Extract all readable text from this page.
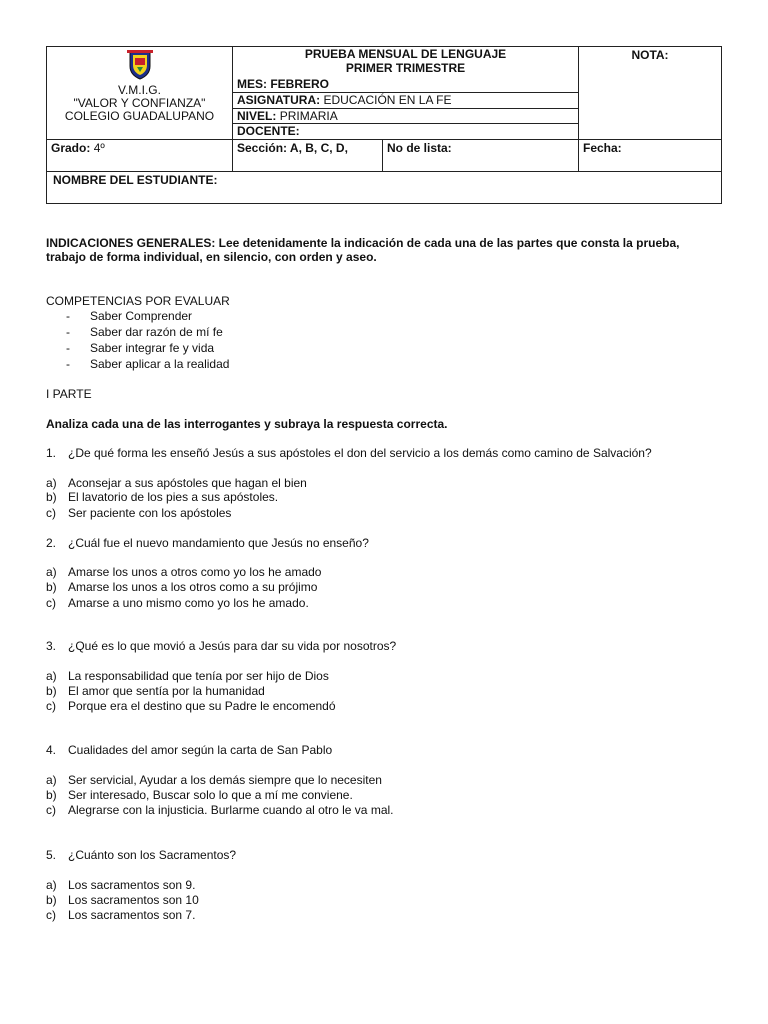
V.M.I.G.
"VALOR Y CONFIANZA"
COLEGIO GUADALUPANO
PRUEBA MENSUAL DE LENGUAJE
PRIMER TRIMESTRE
MES: FEBRERO
ASIGNATURA: EDUCACIÓN EN LA FE
NIVEL: PRIMARIA
DOCENTE:
NOTA:
Grado: 4º	Sección: A, B, C, D,	No de lista:	Fecha:
NOMBRE DEL ESTUDIANTE:
INDICACIONES GENERALES: Lee detenidamente la indicación de cada una de las partes que consta la prueba,
trabajo de forma individual, en silencio, con orden y aseo.
COMPETENCIAS POR EVALUAR
- Saber Comprender
- Saber dar razón de mí fe
- Saber integrar fe y vida
- Saber aplicar a la realidad
I PARTE
Analiza cada una de las interrogantes y subraya la respuesta correcta.
1. ¿De qué forma les enseñó Jesús a sus apóstoles el don del servicio a los demás como camino de Salvación?
a) Aconsejar a sus apóstoles que hagan el bien
b) El lavatorio de los pies a sus apóstoles.
c) Ser paciente con los apóstoles
2. ¿Cuál fue el nuevo mandamiento que Jesús no enseño?
a) Amarse los unos a otros como yo los he amado
b) Amarse los unos a los otros como a su prójimo
c) Amarse a uno mismo como yo los he amado.
3. ¿Qué es lo que movió a Jesús para dar su vida por nosotros?
a) La responsabilidad que tenía por ser hijo de Dios
b) El amor que sentía por la humanidad
c) Porque era el destino que su Padre le encomendó
4. Cualidades del amor según la carta de San Pablo
a) Ser servicial, Ayudar a los demás siempre que lo necesiten
b) Ser interesado, Buscar solo lo que a mí me conviene.
c) Alegrarse con la injusticia. Burlarme cuando al otro le va mal.
5. ¿Cuánto son los Sacramentos?
a) Los sacramentos son 9.
b) Los sacramentos son 10
c) Los sacramentos son 7.
